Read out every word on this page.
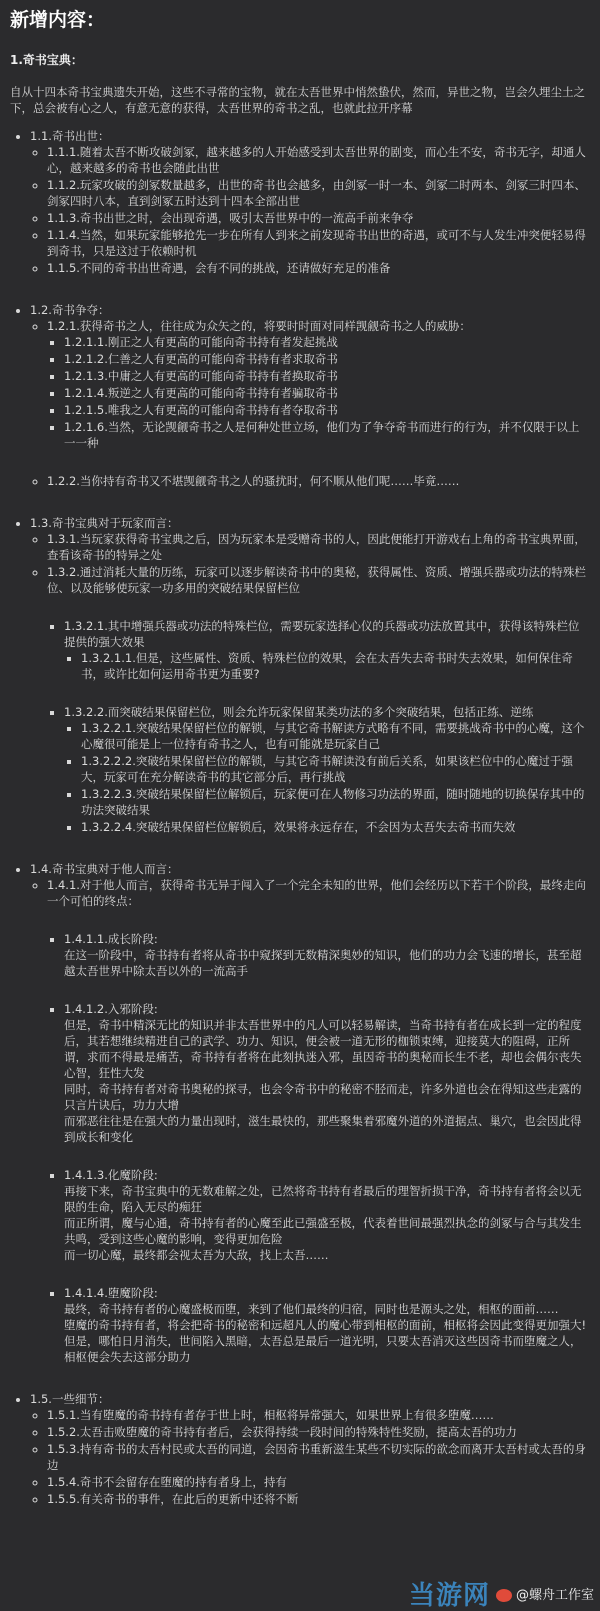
新增内容：
1.奇书宝典：

自从十四本奇书宝典遗失开始，这些不寻常的宝物，就在太吾世界中悄然蛰伏，然而，异世之物，岂会久埋尘土之下，总会被有心之人，有意无意的获得，太吾世界的奇书之乱，也就此拉开序幕

• 1.1.奇书出世：
◦ 1.1.1.随着太吾不断攻破剑冢，越来越多的人开始感受到太吾世界的剧变，而心生不安，奇书无字，却通人心，越来越多的奇书也会随此出世
◦ 1.1.2.玩家攻破的剑冢数量越多，出世的奇书也会越多，由剑冢一时一本、剑冢二时两本、剑冢三时四本、剑冢四时八本，直到剑冢五时达到十四本全部出世
◦ 1.1.3.奇书出世之时，会出现奇遇，吸引太吾世界中的一流高手前来争夺
◦ 1.1.4.当然，如果玩家能够抢先一步在所有人到来之前发现奇书出世的奇遇，或可不与人发生冲突便轻易得到奇书，只是这过于依赖时机
◦ 1.1.5.不同的奇书出世奇遇，会有不同的挑战，还请做好充足的准备
• 1.2.奇书争夺：
◦ 1.2.1.获得奇书之人，往往成为众矢之的，将要时时面对同样觊觎奇书之人的威胁：
▪ 1.2.1.1.刚正之人有更高的可能向奇书持有者发起挑战
▪ 1.2.1.2.仁善之人有更高的可能向奇书持有者求取奇书
▪ 1.2.1.3.中庸之人有更高的可能向奇书持有者换取奇书
▪ 1.2.1.4.叛逆之人有更高的可能向奇书持有者骗取奇书
▪ 1.2.1.5.唯我之人有更高的可能向奇书持有者夺取奇书
▪ 1.2.1.6.当然，无论觊觎奇书之人是何种处世立场，他们为了争夺奇书而进行的行为，并不仅限于以上一一种
◦ 1.2.2.当你持有奇书又不堪觊觎奇书之人的骚扰时，何不顺从他们呢……毕竟……
• 1.3.奇书宝典对于玩家而言：
◦ 1.3.1.当玩家获得奇书宝典之后，因为玩家本是受赠奇书的人，因此便能打开游戏右上角的奇书宝典界面，查看该奇书的特异之处
◦ 1.3.2.通过消耗大量的历练，玩家可以逐步解读奇书中的奥秘，获得属性、资质、增强兵器或功法的特殊栏位、以及能够使玩家一功多用的突破结果保留栏位
▪ 1.3.2.1.其中增强兵器或功法的特殊栏位，需要玩家选择心仪的兵器或功法放置其中，获得该特殊栏位提供的强大效果
▪ 1.3.2.1.1.但是，这些属性、资质、特殊栏位的效果，会在太吾失去奇书时失去效果，如何保住奇书，或许比如何运用奇书更为重要?
▪ 1.3.2.2.而突破结果保留栏位，则会允许玩家保留某类功法的多个突破结果，包括正练、逆练
▪ 1.3.2.2.1.突破结果保留栏位的解锁，与其它奇书解读方式略有不同，需要挑战奇书中的心魔，这个心魔很可能是上一位持有奇书之人，也有可能就是玩家自己
▪ 1.3.2.2.2.突破结果保留栏位的解锁，与其它奇书解读没有前后关系，如果该栏位中的心魔过于强大，玩家可在充分解读奇书的其它部分后，再行挑战
▪ 1.3.2.2.3.突破结果保留栏位解锁后，玩家便可在人物修习功法的界面，随时随地的切换保存其中的功法突破结果
▪ 1.3.2.2.4.突破结果保留栏位解锁后，效果将永远存在，不会因为太吾失去奇书而失效
• 1.4.奇书宝典对于他人而言：
◦ 1.4.1.对于他人而言，获得奇书无异于闯入了一个完全未知的世界，他们会经历以下若干个阶段，最终走向一个可怕的终点：
▪ 1.4.1.1.成长阶段:
在这一阶段中，奇书持有者将从奇书中窥探到无数精深奥妙的知识，他们的功力会飞速的增长，甚至超越太吾世界中除太吾以外的一流高手
▪ 1.4.1.2.入邪阶段:
但是，奇书中精深无比的知识并非太吾世界中的凡人可以轻易解读，当奇书持有者在成长到一定的程度后，其若想继续精进自己的武学、功力、知识，便会被一道无形的枷锁束缚，迎接莫大的阻碍，正所谓，求而不得最是痛苦，奇书持有者将在此刻执迷入邪，虽因奇书的奥秘而长生不老，却也会偶尔丧失心智，狂性大发
同时，奇书持有者对奇书奥秘的探寻，也会令奇书中的秘密不胫而走，许多外道也会在得知这些走露的只言片诀后，功力大增
而邪恶往往是在强大的力量出现时，滋生最快的，那些聚集着邪魔外道的外道据点、巢穴，也会因此得到成长和变化
▪ 1.4.1.3.化魔阶段:
再接下来，奇书宝典中的无数难解之处，已然将奇书持有者最后的理智折损干净，奇书持有者将会以无限的生命，陷入无尽的痴狂
而正所谓，魔与心通，奇书持有者的心魔至此已强盛至极，代表着世间最强烈执念的剑冢与合与其发生共鸣，受到这些心魔的影响，变得更加危险
而一切心魔，最终都会视太吾为大敌，找上太吾……
▪ 1.4.1.4.堕魔阶段:
最终，奇书持有者的心魔盛极而堕，来到了他们最终的归宿，同时也是源头之处，相枢的面前……
堕魔的奇书持有者，将会把奇书的秘密和远超凡人的魔心带到相枢的面前，相枢将会因此变得更加强大!
但是，哪怕日月消失，世间陷入黑暗，太吾总是最后一道光明，只要太吾消灭这些因奇书而堕魔之人，相枢便会失去这部分助力
• 1.5.一些细节：
◦ 1.5.1.当有堕魔的奇书持有者存于世上时，相枢将异常强大，如果世界上有很多堕魔……
◦ 1.5.2.太吾击败堕魔的奇书持有者后，会获得持续一段时间的特殊特性奖励，提高太吾的功力
◦ 1.5.3.持有奇书的太吾村民或太吾的同道，会因奇书重新滋生某些不切实际的欲念而离开太吾村或太吾的身边
◦ 1.5.4.奇书不会留存在堕魔的持有者身上，持有
◦ 1.5.5.有关奇书的事件，在此后的更新中还将不断
当游网	@螺舟工作室
